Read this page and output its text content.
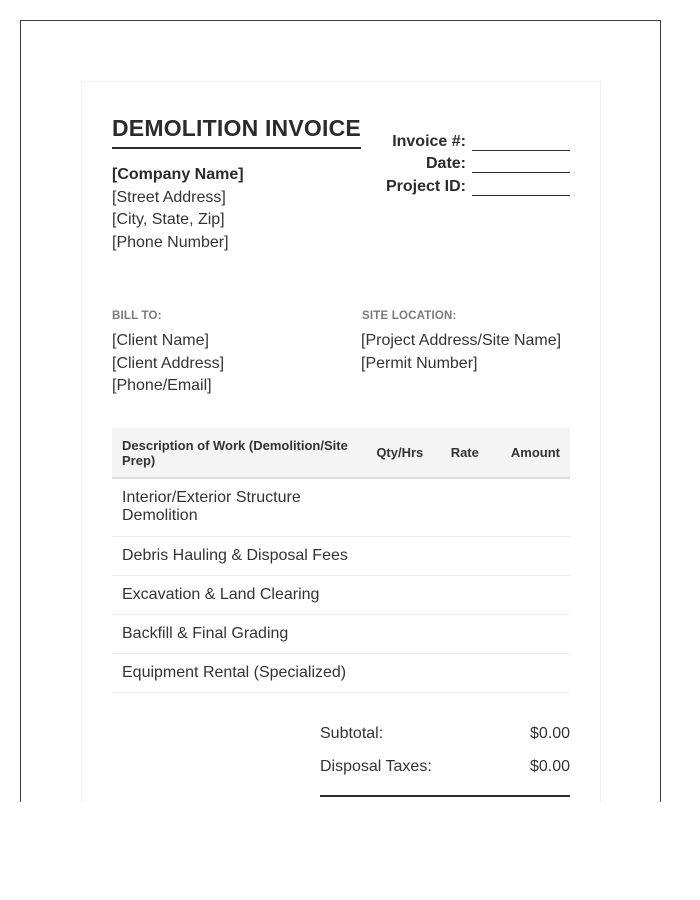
DEMOLITION INVOICE
[Company Name]
[Street Address]
[City, State, Zip]
[Phone Number]
Invoice #:
Date:
Project ID:
BILL TO:
[Client Name]
[Client Address]
[Phone/Email]
SITE LOCATION:
[Project Address/Site Name]
[Permit Number]
Description of Work (Demolition/Site Prep)	Qty/Hrs	Rate	Amount
Interior/Exterior Structure Demolition			
Debris Hauling & Disposal Fees			
Excavation & Land Clearing			
Backfill & Final Grading			
Equipment Rental (Specialized)			
Subtotal:	$0.00
Disposal Taxes:	$0.00
